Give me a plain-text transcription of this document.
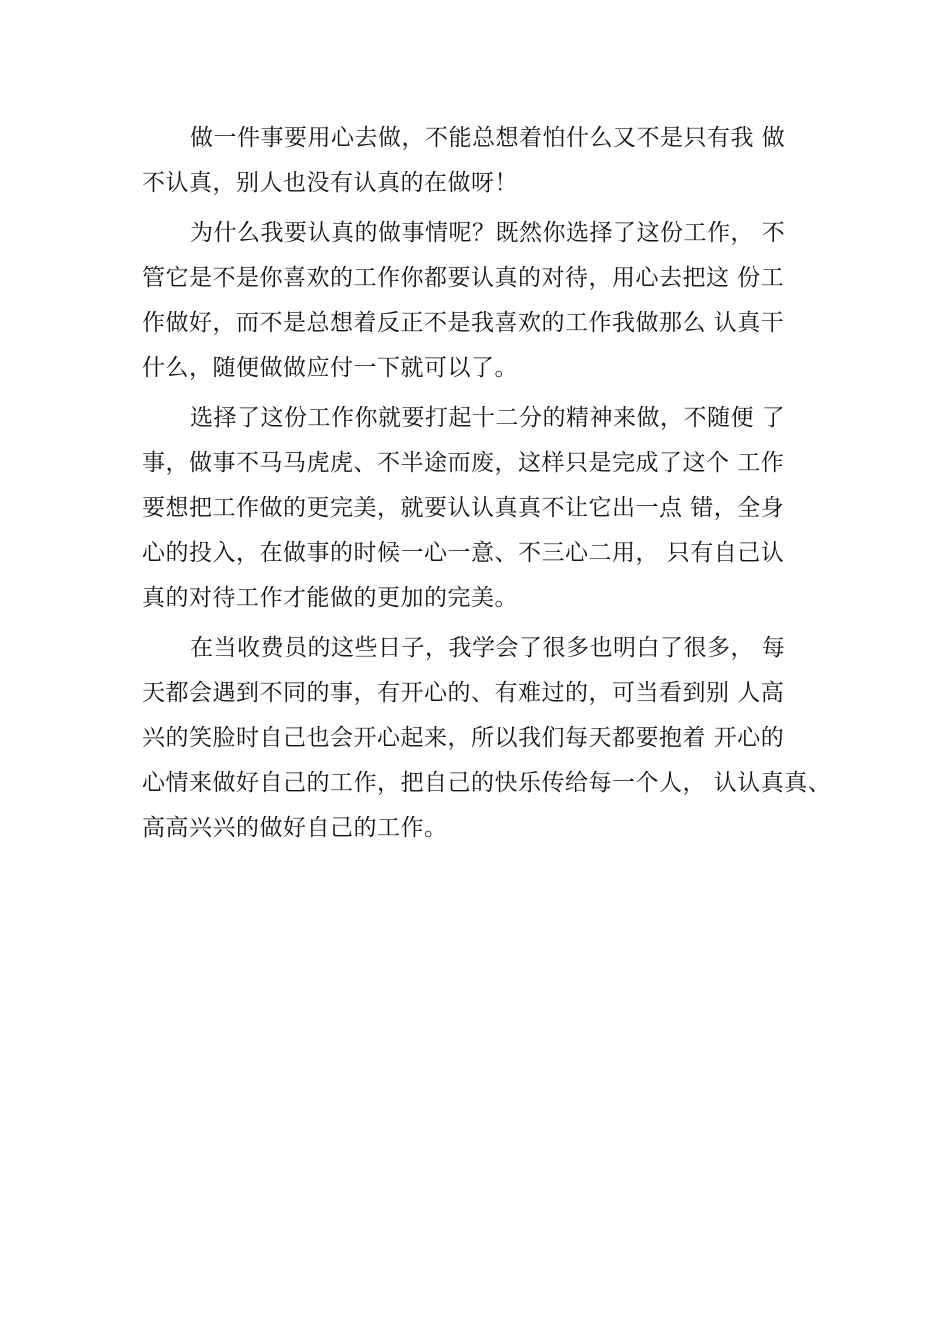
做一件事要用心去做，不能总想着怕什么又不是只有我 做
不认真，别人也没有认真的在做呀！

为什么我要认真的做事情呢？既然你选择了这份工作， 不
管它是不是你喜欢的工作你都要认真的对待，用心去把这 份工
作做好，而不是总想着反正不是我喜欢的工作我做那么 认真干
什么，随便做做应付一下就可以了。

选择了这份工作你就要打起十二分的精神来做，不随便 了
事，做事不马马虎虎、不半途而废，这样只是完成了这个 工作
要想把工作做的更完美，就要认认真真不让它出一点 错，全身
心的投入，在做事的时候一心一意、不三心二用， 只有自己认
真的对待工作才能做的更加的完美。

在当收费员的这些日子，我学会了很多也明白了很多， 每
天都会遇到不同的事，有开心的、有难过的，可当看到别 人高
兴的笑脸时自己也会开心起来，所以我们每天都要抱着 开心的
心情来做好自己的工作，把自己的快乐传给每一个人， 认认真真、
高高兴兴的做好自己的工作。
